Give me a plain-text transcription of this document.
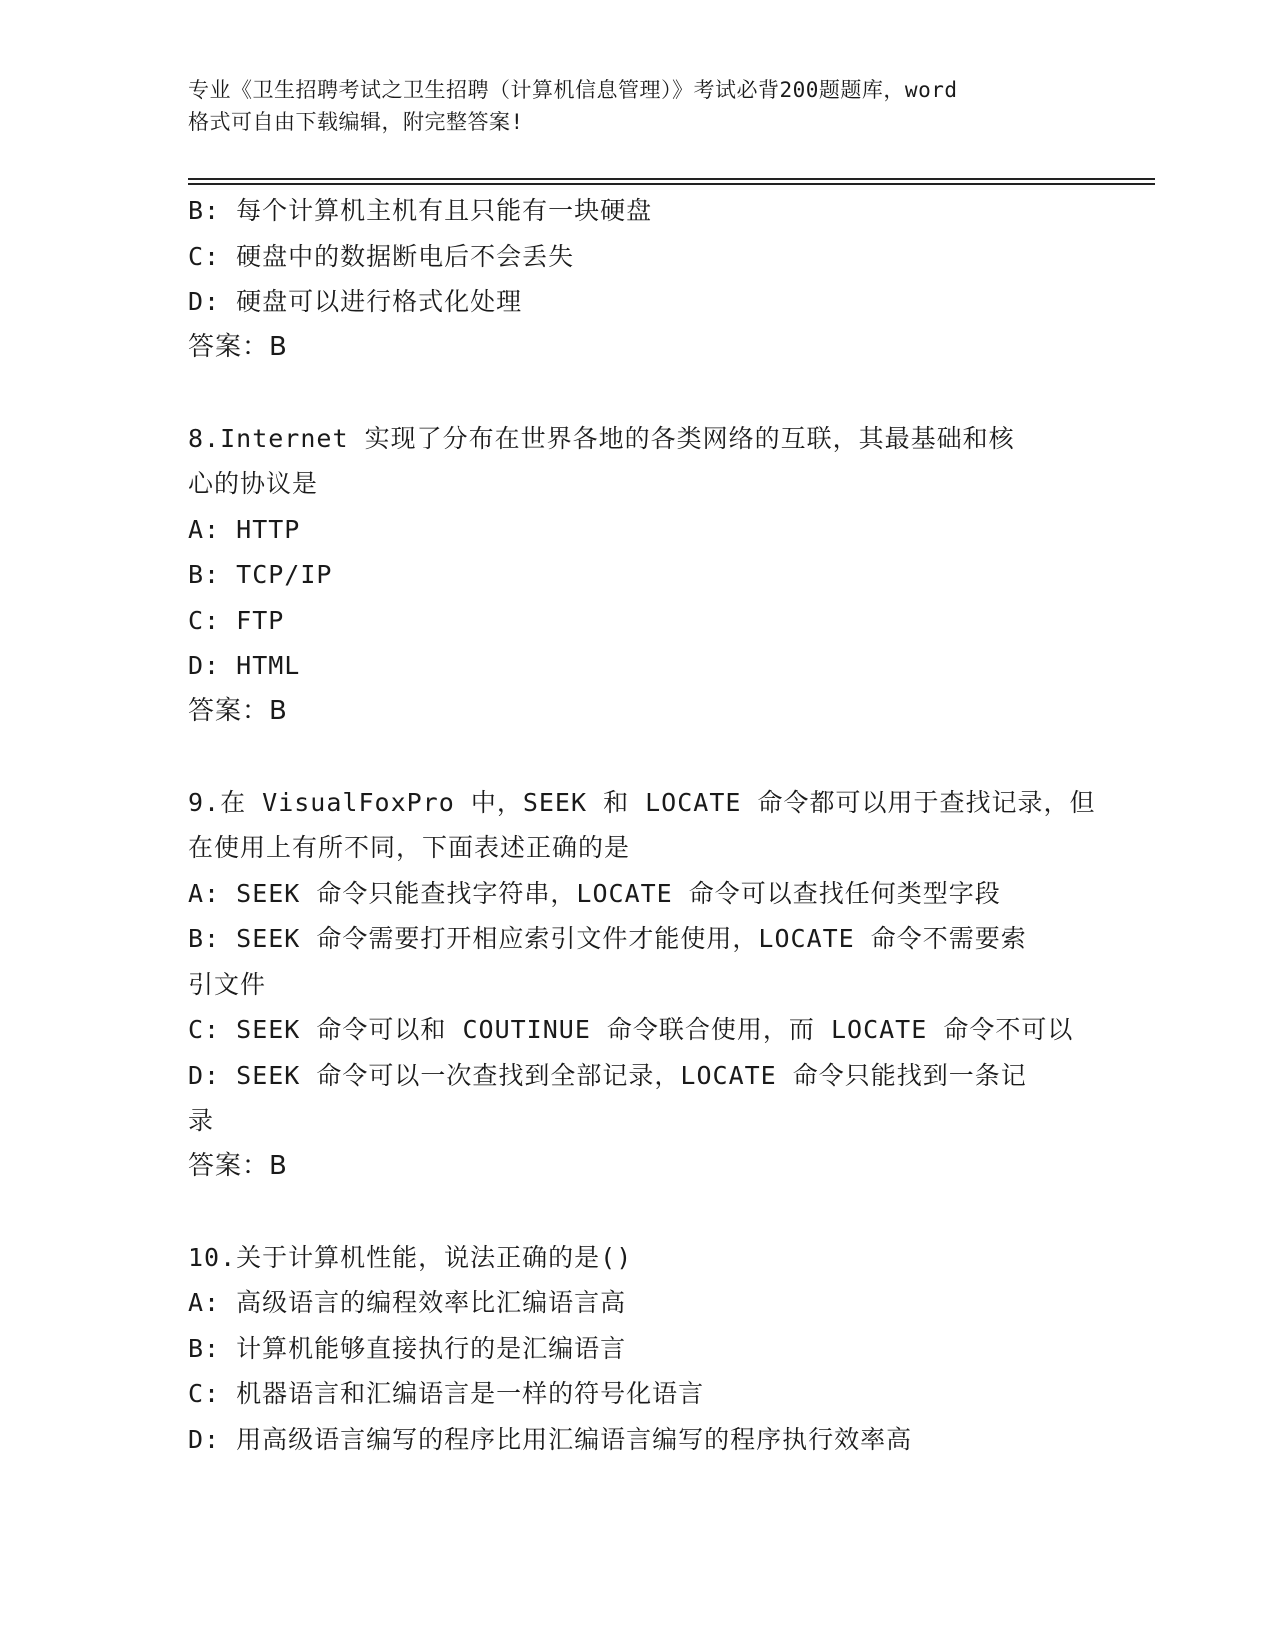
专业《卫生招聘考试之卫生招聘（计算机信息管理）》考试必背200题题库，word
格式可自由下载编辑，附完整答案!
B: 每个计算机主机有且只能有一块硬盘
C: 硬盘中的数据断电后不会丢失
D: 硬盘可以进行格式化处理
答案：B
8.Internet 实现了分布在世界各地的各类网络的互联，其最基础和核
心的协议是
A: HTTP
B: TCP/IP
C: FTP
D: HTML
答案：B
9.在 VisualFoxPro 中，SEEK 和 LOCATE 命令都可以用于查找记录，但
在使用上有所不同，下面表述正确的是
A: SEEK 命令只能查找字符串，LOCATE 命令可以查找任何类型字段
B: SEEK 命令需要打开相应索引文件才能使用，LOCATE 命令不需要索
引文件
C: SEEK 命令可以和 COUTINUE 命令联合使用，而 LOCATE 命令不可以
D: SEEK 命令可以一次查找到全部记录，LOCATE 命令只能找到一条记
录
答案：B
10.关于计算机性能，说法正确的是()
A: 高级语言的编程效率比汇编语言高
B: 计算机能够直接执行的是汇编语言
C: 机器语言和汇编语言是一样的符号化语言
D: 用高级语言编写的程序比用汇编语言编写的程序执行效率高
